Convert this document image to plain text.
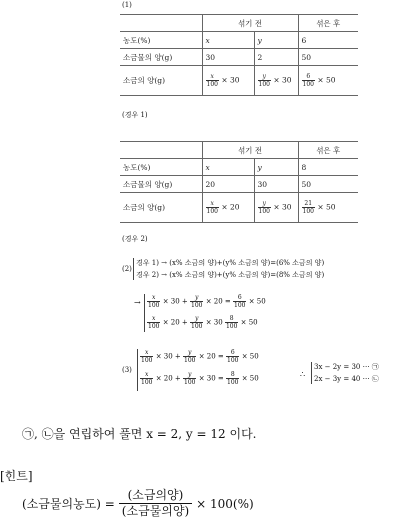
(1)
	섞기 전		섞은 후
농도(%)	x	y	6
소금물의 양(g)	30	2	50
소금의 양(g)	$\frac{x}{100} \times 30$	$\frac{y}{100} \times 30$	$\frac{6}{100} \times 50$
(경우 1)
	섞기 전		섞은 후
농도(%)	x	y	8
소금물의 양(g)	20	30	50
소금의 양(g)	$\frac{x}{100} \times 20$	$\frac{y}{100} \times 30$	$\frac{21}{100} \times 50$
(경우 2)
(2)
경우 1) → (x% 소금의 양)+(y% 소금의 양)=(6% 소금의 양)
경우 2) → (x% 소금의 양)+(y% 소금의 양)=(8% 소금의 양)
→ $\frac{x}{100} \times 30 + \frac{y}{100} \times 20 = \frac{6}{100} \times 50$
$\frac{x}{100} \times 20 + \frac{y}{100} \times 30 \frac{8}{100} \times 50$
(3)
$\frac{x}{100} \times 30 + \frac{y}{100} \times 20 = \frac{6}{100} \times 50$
$\frac{x}{100} \times 20 + \frac{y}{100} \times 30 = \frac{8}{100} \times 50$	∴
3x − 2y = 30 ⋯ ㉠
2x − 3y = 40 ⋯ ㉡
㉠, ㉡을 연립하여 풀면 x = 2, y = 12 이다.
[힌트]
(소금물의농도) = $\frac{\text{(소금의양)}}{\text{(소금물의양)}} \times 100(\%)$
